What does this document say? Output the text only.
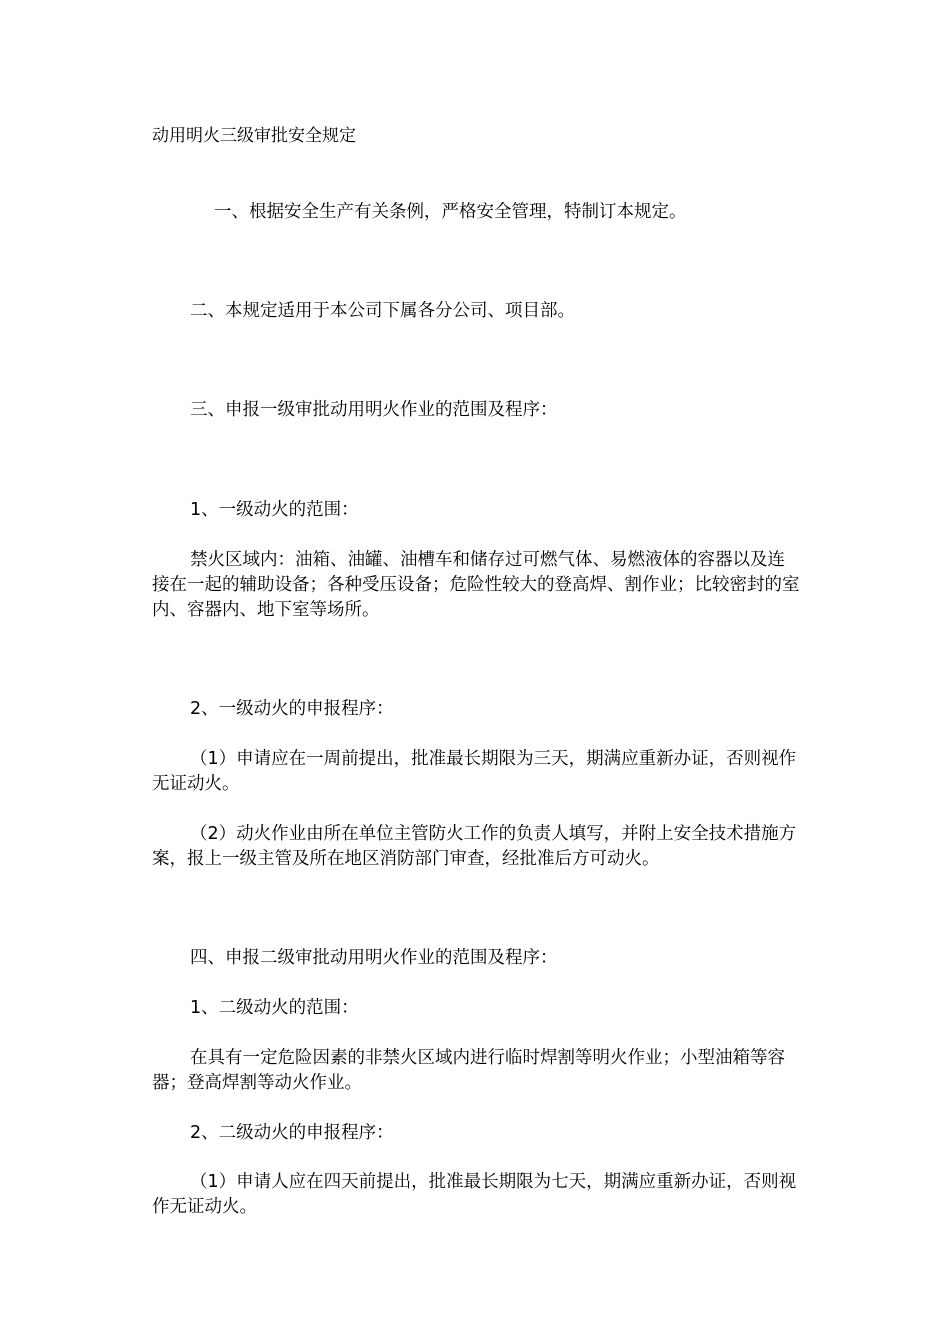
动用明火三级审批安全规定

一、根据安全生产有关条例，严格安全管理，特制订本规定。

二、本规定适用于本公司下属各分公司、项目部。

三、申报一级审批动用明火作业的范围及程序：

1、一级动火的范围：

禁火区域内：油箱、油罐、油槽车和储存过可燃气体、易燃液体的容器以及连接在一起的辅助设备；各种受压设备；危险性较大的登高焊、割作业；比较密封的室内、容器内、地下室等场所。

2、一级动火的申报程序：

（1）申请应在一周前提出，批准最长期限为三天，期满应重新办证，否则视作无证动火。

（2）动火作业由所在单位主管防火工作的负责人填写，并附上安全技术措施方案，报上一级主管及所在地区消防部门审查，经批准后方可动火。

四、申报二级审批动用明火作业的范围及程序：

1、二级动火的范围：

在具有一定危险因素的非禁火区域内进行临时焊割等明火作业；小型油箱等容器；登高焊割等动火作业。

2、二级动火的申报程序：

（1）申请人应在四天前提出，批准最长期限为七天，期满应重新办证，否则视作无证动火。
